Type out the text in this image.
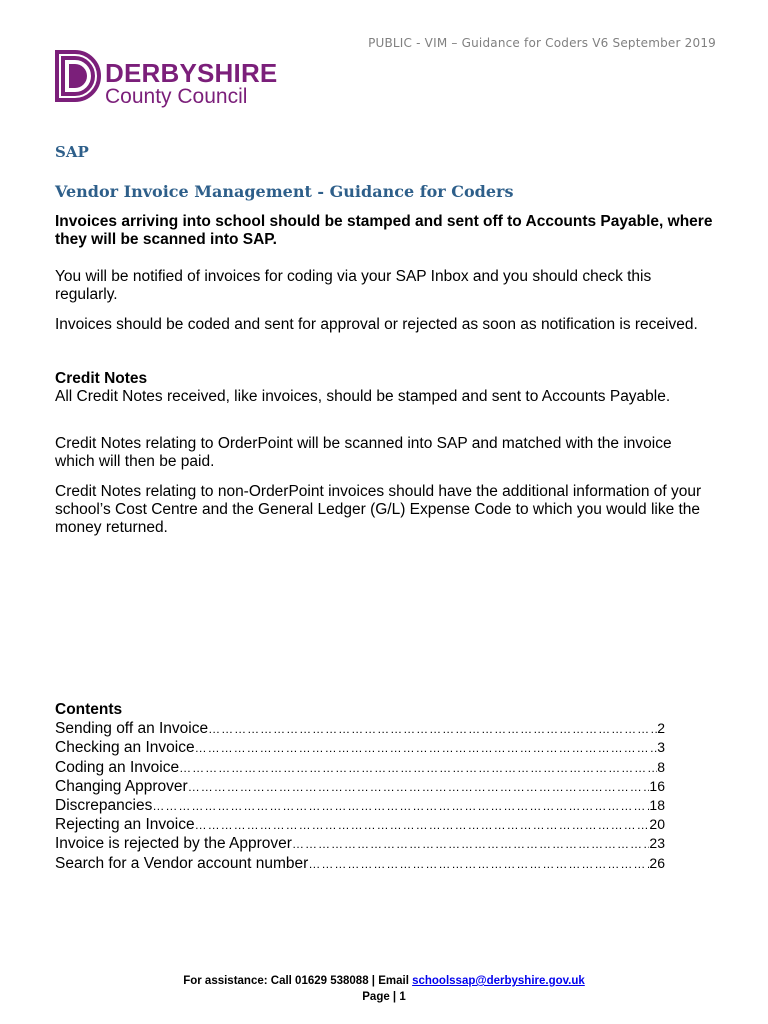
PUBLIC - VIM – Guidance for Coders V6 September 2019
DERBYSHIRE
County Council
SAP
Vendor Invoice Management - Guidance for Coders
Invoices arriving into school should be stamped and sent off to Accounts Payable, where they will be scanned into SAP.
You will be notified of invoices for coding via your SAP Inbox and you should check this regularly.
Invoices should be coded and sent for approval or rejected as soon as notification is received.
Credit Notes
All Credit Notes received, like invoices, should be stamped and sent to Accounts Payable.
Credit Notes relating to OrderPoint will be scanned into SAP and matched with the invoice which will then be paid.
Credit Notes relating to non-OrderPoint invoices should have the additional information of your school’s Cost Centre and the General Ledger (G/L) Expense Code to which you would like the money returned.
Contents
Sending off an Invoice ………………………………………………………………………………………………………………………………………………	2
Checking an Invoice ………………………………………………………………………………………………………………………………………………	3
Coding an Invoice ………………………………………………………………………………………………………………………………………………	8
Changing Approver ………………………………………………………………………………………………………………………………………………	16
Discrepancies ………………………………………………………………………………………………………………………………………………	18
Rejecting an Invoice ………………………………………………………………………………………………………………………………………………	20
Invoice is rejected by the Approver ………………………………………………………………………………………………………………………………………………	23
Search for a Vendor account number ………………………………………………………………………………………………………………………………………………	26
For assistance: Call 01629 538088 | Email schoolssap@derbyshire.gov.uk
Page | 1
